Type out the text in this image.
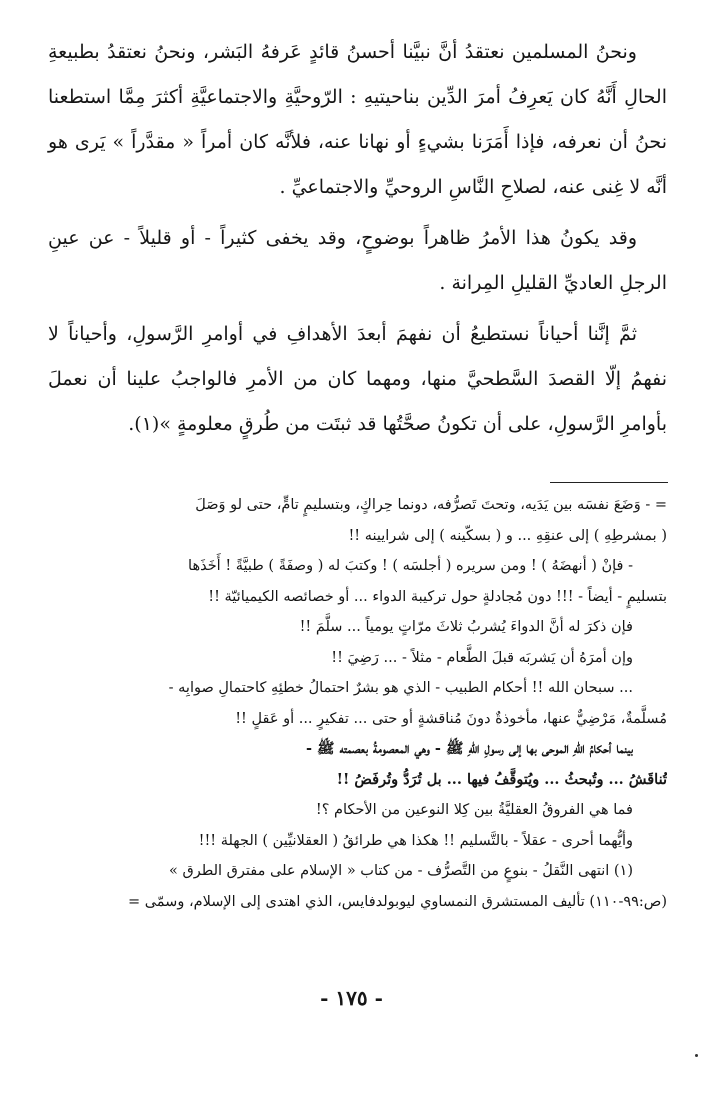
ونحنُ المسلمين نعتقدُ أنَّ نبيَّنا أحسنُ قائدٍ عَرفهُ البَشر، ونحنُ نعتقدُ بطبيعةِ الحالِ أَنَّهُ كان يَعرِفُ أمرَ الدِّين بناحيتيهِ : الرّوحيَّةِ والاجتماعيَّةِ أكثرَ مِمَّا استطعنا نحنُ أن نعرفه، فإذا أَمَرَنا بشيءٍ أو نهانا عنه، فلأنَّه كان أمراً « مقدَّراً » يَرى هو أنَّه لا غِنى عنه، لصلاحِ النَّاسِ الروحيِّ والاجتماعيِّ .

وقد يكونُ هذا الأمرُ ظاهراً بوضوحٍ، وقد يخفى كثيراً - أو قليلاً - عن عينِ الرجلِ العاديِّ القليلِ المِرانة .

ثمَّ إنَّنا أحياناً نستطيعُ أن نفهمَ أبعدَ الأهدافِ في أوامرِ الرَّسولِ، وأحياناً لا نفهمُ إلّا القصدَ السَّطحيَّ منها، ومهما كان من الأمرِ فالواجبُ علينا أن نعملَ بأوامرِ الرَّسولِ، على أن تكونُ صحَّتُها قد ثبتَت من طُرقٍ معلومةٍ »(١).

= - وَضَعَ نفسَه بين يَدَيه، وتحتَ تَصرُّفه، دونما حِراكٍ، وبتسليمٍ تامٍّ، حتى لو وَصَلَ
( بمشرطِهِ ) إلى عنقِهِ ... و ( بسكّينه ) إلى شرايينه !!
- فإنْ ( أنهضَهُ ) ! ومن سريره ( أجلسَه ) ! وكتبَ له ( وصفَةً ) طبيَّةً ! أَخَذَها
بتسليمٍ - أيضاً - !!! دون مُجادلةٍ حول تركيبة الدواء ... أو خصائصه الكيميائيّة !!
فإن ذكرَ له أنَّ الدواءَ يُشربُ ثلاثَ مرّاتٍ يومياً ... سلَّمَ !!
وإن أمرَهُ أن يَشربَه قبلَ الطَّعام - مثلاً - ... رَضِيَ !!
... سبحان الله !! أحكام الطبيب - الذي هو بشرٌ احتمالُ خطئِهِ كاحتمالِ صوابِه -
مُسلَّمةٌ، مَرْضِيٌّ عنها، مأخوذةٌ دونَ مُناقشةٍ أو حتى ... تفكيرٍ ... أو عَقلٍ !!
بينما أحكامُ اللهِ الموحى بها إلى رسولِ اللهِ ﷺ - وهي المعصومةُ بعصمته ﷺ -
تُناقَشُ ... وتُبحثُ ... ويُتوقَّفُ فيها ... بل تُرَدُّ وتُرفَضُ !!
فما هي الفروقُ العقليَّةُ بين كِلا النوعين من الأحكام ؟!
وأيُّهما أحرى - عقلاً - بالتَّسليم !! هكذا هي طرائقُ ( العقلانيِّين ) الجهلة !!!
(١) انتهى النَّقلُ - بنوعٍ من التَّصرُّف - من كتاب « الإسلام على مفترق الطرق »
(ص:٩٩-١١٠) تأليف المستشرق النمساوي ليوبولدفايس، الذي اهتدى إلى الإسلام، وسمّى =
- ١٧٥ -
